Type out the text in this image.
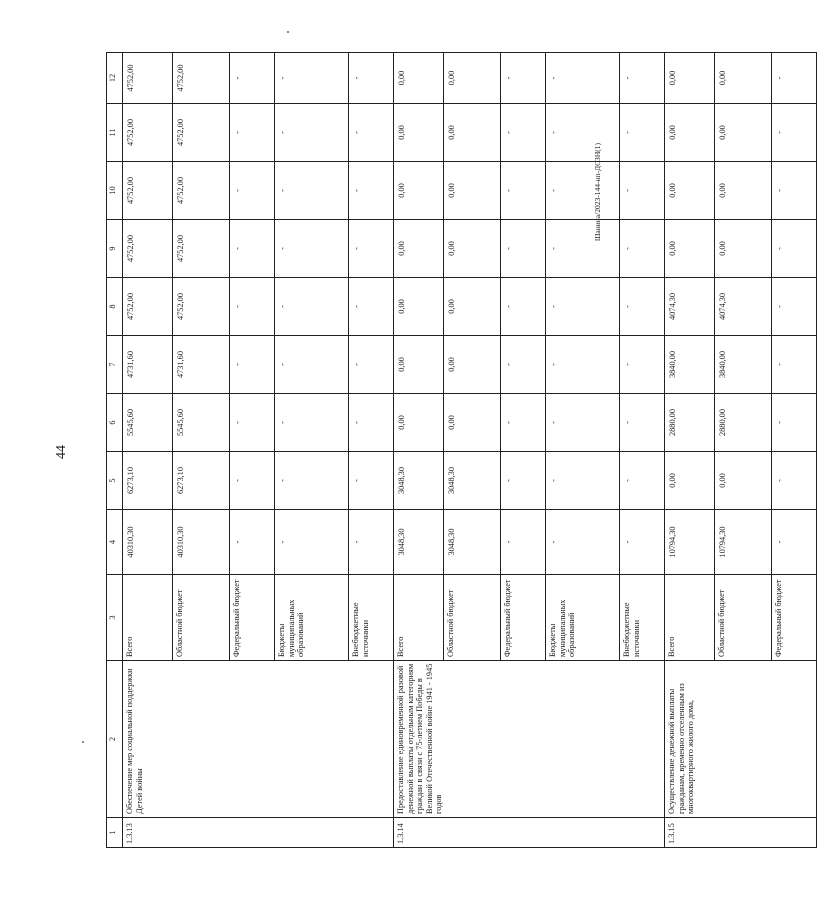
44
Шанина/2023-144-нп-ДСЗН(1)
1	2	3	4	5	6	7	8	9	10	11	12
1.3.13	Обеспечение мер социальной поддержки Детей войны	Всего	40310,30	6273,10	5545,60	4731,60	4752,00	4752,00	4752,00	4752,00	4752,00
		Областной бюджет	40310,30	6273,10	5545,60	4731,60	4752,00	4752,00	4752,00	4752,00	4752,00
		Федеральный бюджет	-	-	-	-	-	-	-	-	-
		Бюджеты муниципальных образований	-	-	-	-	-	-	-	-	-
		Внебюджетные источники	-	-	-	-	-	-	-	-	-
1.3.14	Предоставление единовременной разовой денежной выплаты отдельным категориям граждан в связи с 75-летием Победы в Великой Отечественной войне 1941 - 1945 годов	Всего	3048,30	3048,30	0,00	0,00	0,00	0,00	0,00	0,00	0,00
		Областной бюджет	3048,30	3048,30	0,00	0,00	0,00	0,00	0,00	0,00	0,00
		Федеральный бюджет	-	-	-	-	-	-	-	-	-
		Бюджеты муниципальных образований	-	-	-	-	-	-	-	-	-
		Внебюджетные источники	-	-	-	-	-	-	-	-	-
1.3.15	Осуществление денежной выплаты гражданам, временно отселенным из многоквартирного жилого дома,	Всего	10794,30	0,00	2880,00	3840,00	4074,30	0,00	0,00	0,00	0,00
		Областной бюджет	10794,30	0,00	2880,00	3840,00	4074,30	0,00	0,00	0,00	0,00
		Федеральный бюджет	-	-	-	-	-	-	-	-	-
